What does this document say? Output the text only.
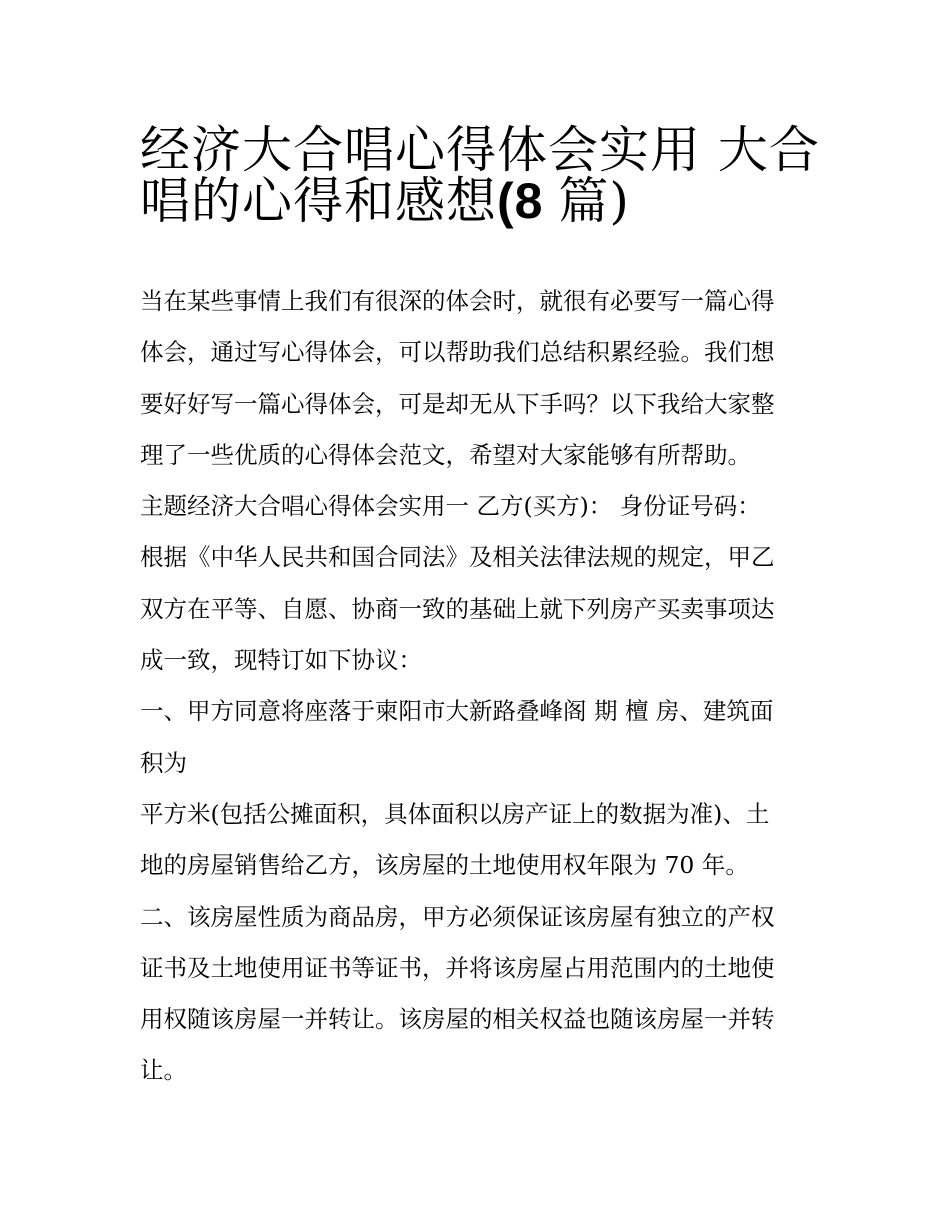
经济大合唱心得体会实用 大合
唱的心得和感想(8 篇)
当在某些事情上我们有很深的体会时，就很有必要写一篇心得
体会，通过写心得体会，可以帮助我们总结积累经验。我们想
要好好写一篇心得体会，可是却无从下手吗？以下我给大家整
理了一些优质的心得体会范文，希望对大家能够有所帮助。
主题经济大合唱心得体会实用一 乙方(买方)： 身份证号码：
根据《中华人民共和国合同法》及相关法律法规的规定，甲乙
双方在平等、自愿、协商一致的基础上就下列房产买卖事项达
成一致，现特订如下协议：
一、甲方同意将座落于柬阳市大新路叠峰阁 期 檀 房、建筑面
积为
平方米(包括公摊面积，具体面积以房产证上的数据为准)、土
地的房屋销售给乙方，该房屋的土地使用权年限为 70 年。
二、该房屋性质为商品房，甲方必须保证该房屋有独立的产权
证书及土地使用证书等证书，并将该房屋占用范围内的土地使
用权随该房屋一并转让。该房屋的相关权益也随该房屋一并转
让。
